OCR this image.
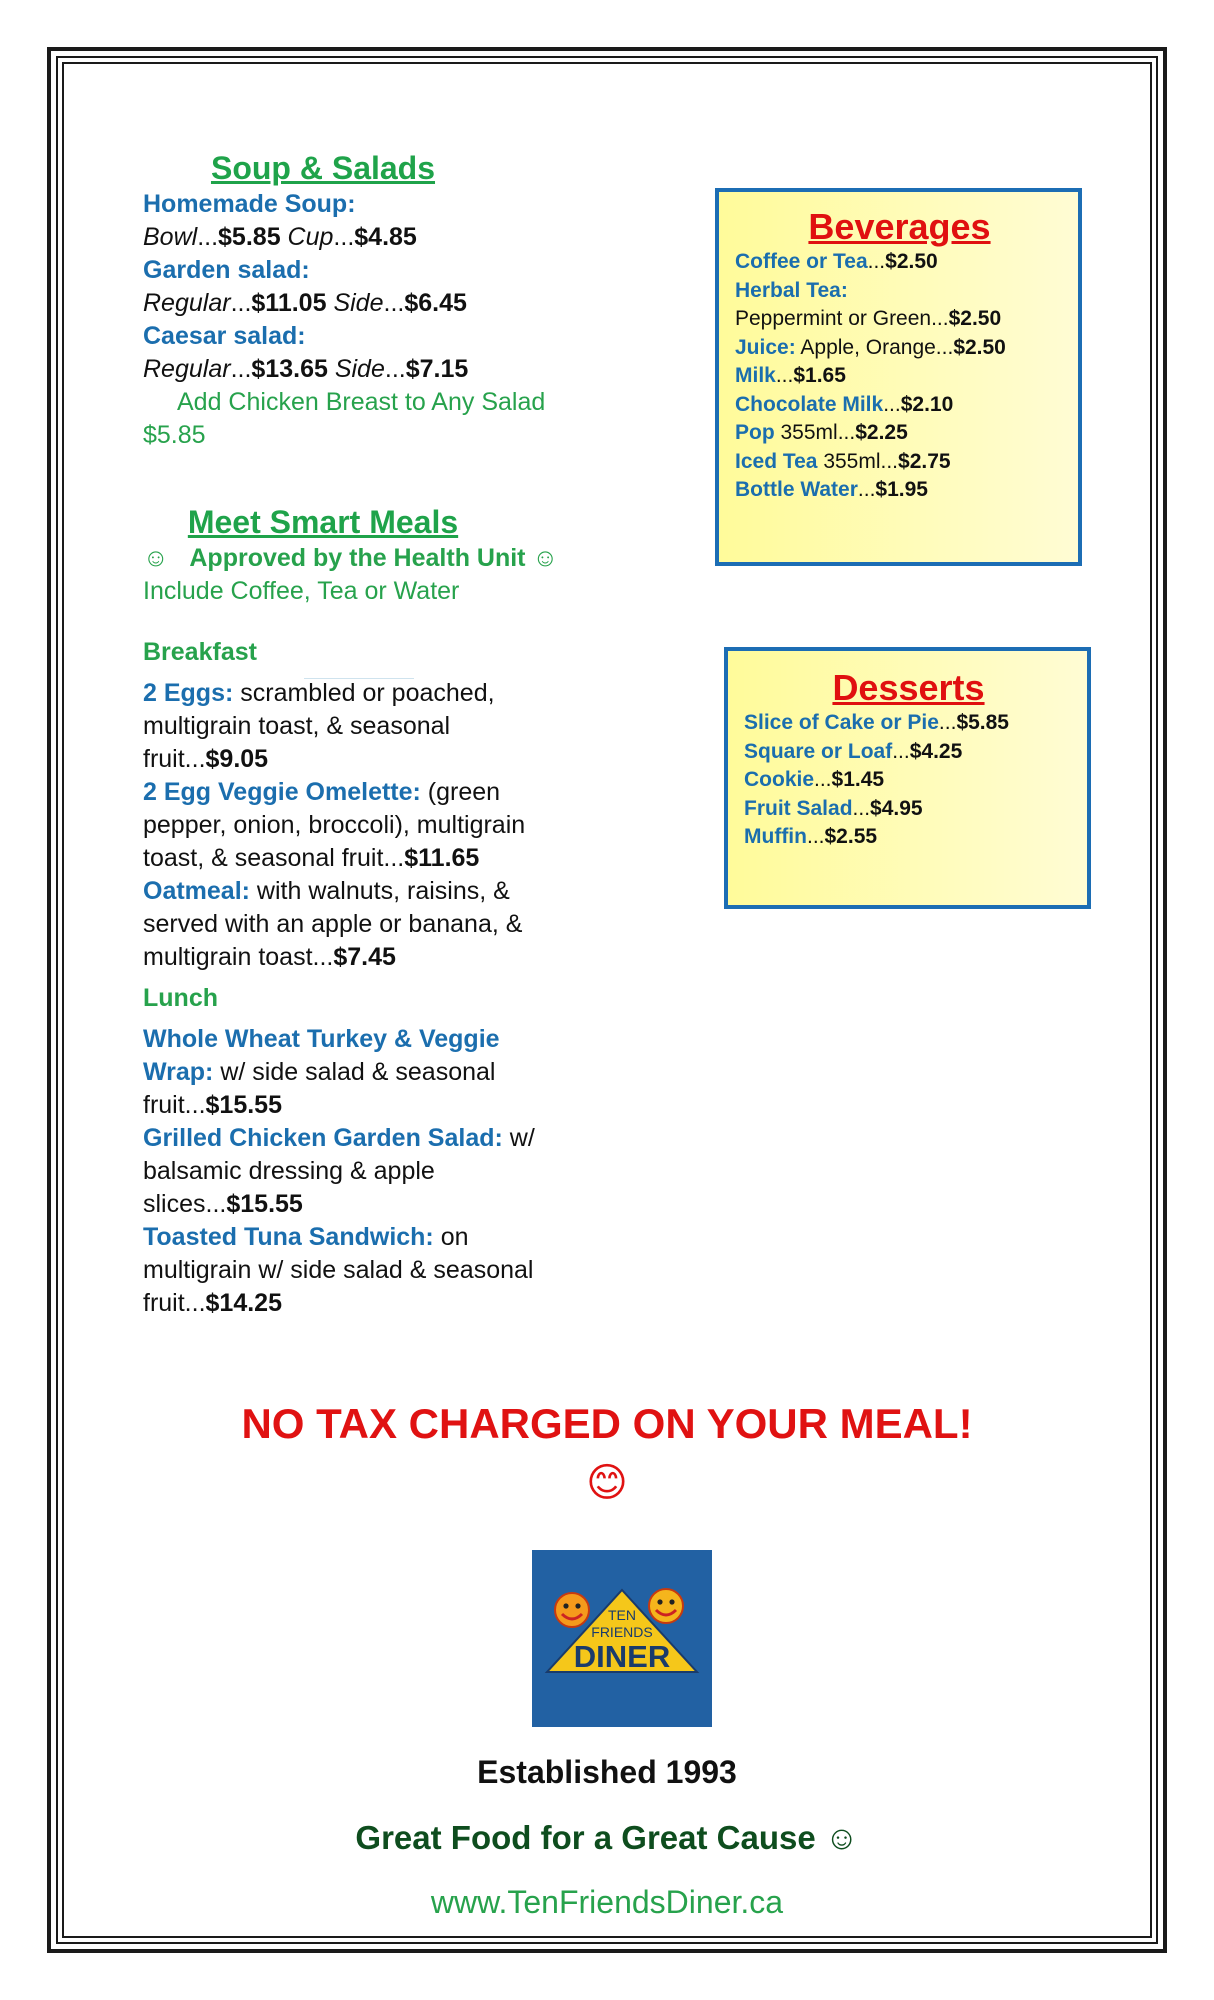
Soup & Salads
Homemade Soup:
Bowl...$5.85 Cup...$4.85
Garden salad:
Regular...$11.05 Side...$6.45
Caesar salad:
Regular...$13.65 Side...$7.15
Add Chicken Breast to Any Salad
$5.85
Meet Smart Meals
☺ Approved by the Health Unit ☺
Include Coffee, Tea or Water
Breakfast
2 Eggs: scrambled or poached, multigrain toast, & seasonal fruit...$9.05
2 Egg Veggie Omelette: (green pepper, onion, broccoli), multigrain toast, & seasonal fruit...$11.65
Oatmeal: with walnuts, raisins, & served with an apple or banana, & multigrain toast...$7.45
Lunch
Whole Wheat Turkey & Veggie Wrap: w/ side salad & seasonal fruit...$15.55
Grilled Chicken Garden Salad: w/ balsamic dressing & apple slices...$15.55
Toasted Tuna Sandwich: on multigrain w/ side salad & seasonal fruit...$14.25
Beverages
Coffee or Tea...$2.50
Herbal Tea:
Peppermint or Green...$2.50
Juice: Apple, Orange...$2.50
Milk...$1.65
Chocolate Milk...$2.10
Pop 355ml...$2.25
Iced Tea 355ml...$2.75
Bottle Water...$1.95
Desserts
Slice of Cake or Pie...$5.85
Square or Loaf...$4.25
Cookie...$1.45
Fruit Salad...$4.95
Muffin...$2.55
NO TAX CHARGED ON YOUR MEAL!
😊
TEN
FRIENDS
DINER
Established 1993
Great Food for a Great Cause ☺
www.TenFriendsDiner.ca
